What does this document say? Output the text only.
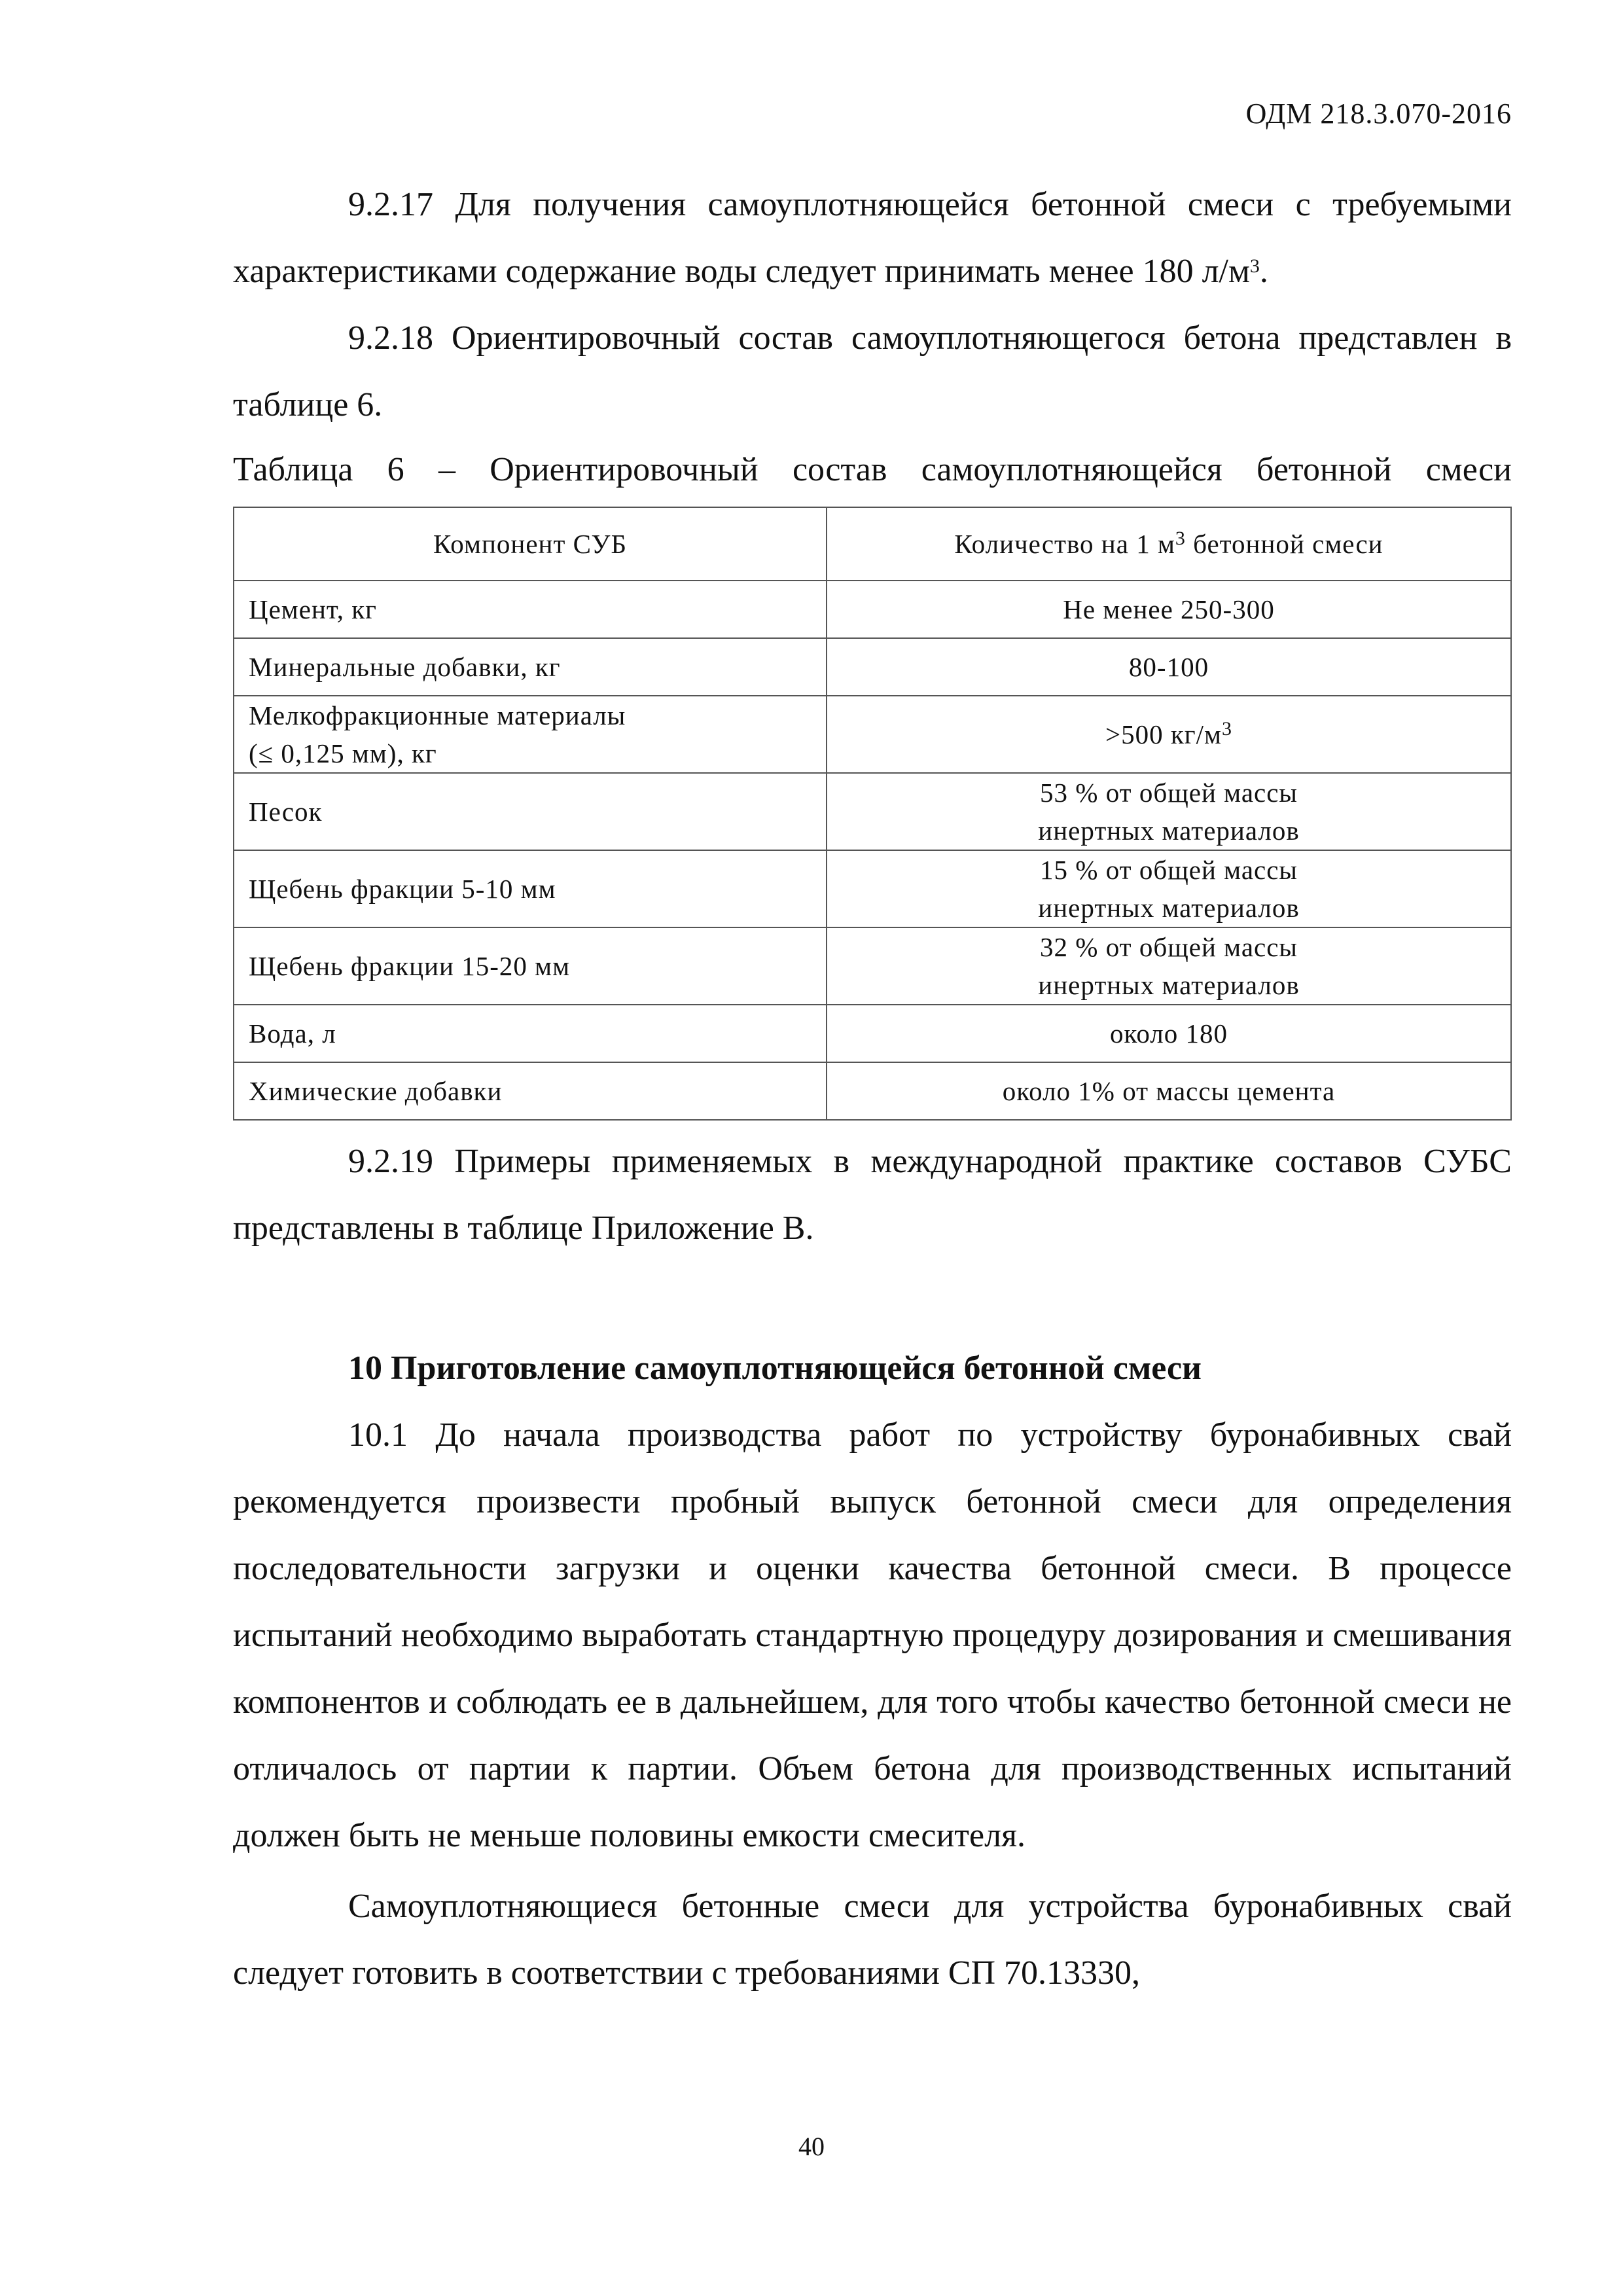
ОДМ 218.3.070-2016

9.2.17 Для получения самоуплотняющейся бетонной смеси с требуемыми характеристиками содержание воды следует принимать менее 180 $л/м^3$.

9.2.18 Ориентировочный состав самоуплотняющегося бетона представлен в таблице 6.

Таблица 6 – Ориентировочный состав самоуплотняющейся бетонной смеси

Компонент СУБ	Количество на 1 $м^3$ бетонной смеси
Цемент, кг	Не менее 250-300
Минеральные добавки, кг	80-100
Мелкофракционные материалы
(≤ 0,125 мм), кг	>500 $кг/м^3$
Песок	53 % от общей массы
инертных материалов
Щебень фракции 5-10 мм	15 % от общей массы
инертных материалов
Щебень фракции 15-20 мм	32 % от общей массы
инертных материалов
Вода, л	около 180
Химические добавки	около 1% от массы цемента

9.2.19 Примеры применяемых в международной практике составов СУБС представлены в таблице Приложение В.

10 Приготовление самоуплотняющейся бетонной смеси

10.1 До начала производства работ по устройству буронабивных свай рекомендуется произвести пробный выпуск бетонной смеси для определения последовательности загрузки и оценки качества бетонной смеси. В процессе испытаний необходимо выработать стандартную процедуру дозирования и смешивания компонентов и соблюдать ее в дальнейшем, для того чтобы качество бетонной смеси не отличалось от партии к партии. Объем бетона для производственных испытаний должен быть не меньше половины емкости смесителя.

Самоуплотняющиеся бетонные смеси для устройства буронабивных свай следует готовить в соответствии с требованиями СП 70.13330,

40
